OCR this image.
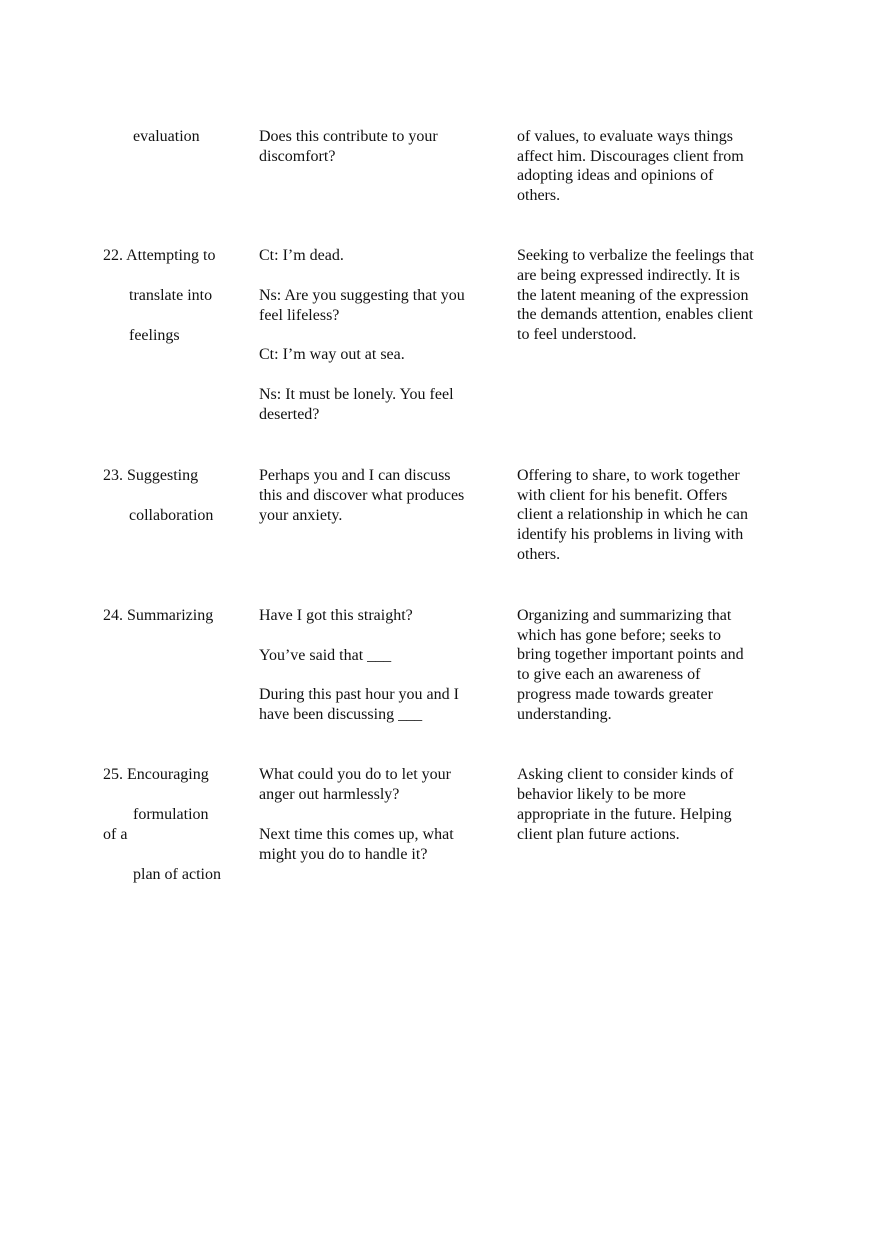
evaluation	Does this contribute to your
discomfort?
of values, to evaluate ways things
affect him. Discourages client from
adopting ideas and opinions of
others.
22. Attempting to
translate into
feelings
Ct: I’m dead.
Ns: Are you suggesting that you
feel lifeless?
Ct: I’m way out at sea.
Ns: It must be lonely. You feel
deserted?
Seeking to verbalize the feelings that
are being expressed indirectly. It is
the latent meaning of the expression
the demands attention, enables client
to feel understood.
23. Suggesting
collaboration
Perhaps you and I can discuss
this and discover what produces
your anxiety.
Offering to share, to work together
with client for his benefit. Offers
client a relationship in which he can
identify his problems in living with
others.
24. Summarizing	Have I got this straight?
You’ve said that ___
During this past hour you and I
have been discussing ___
Organizing and summarizing that
which has gone before; seeks to
bring together important points and
to give each an awareness of
progress made towards greater
understanding.
25. Encouraging
formulation
of a
plan of action
What could you do to let your
anger out harmlessly?
Next time this comes up, what
might you do to handle it?
Asking client to consider kinds of
behavior likely to be more
appropriate in the future. Helping
client plan future actions.
